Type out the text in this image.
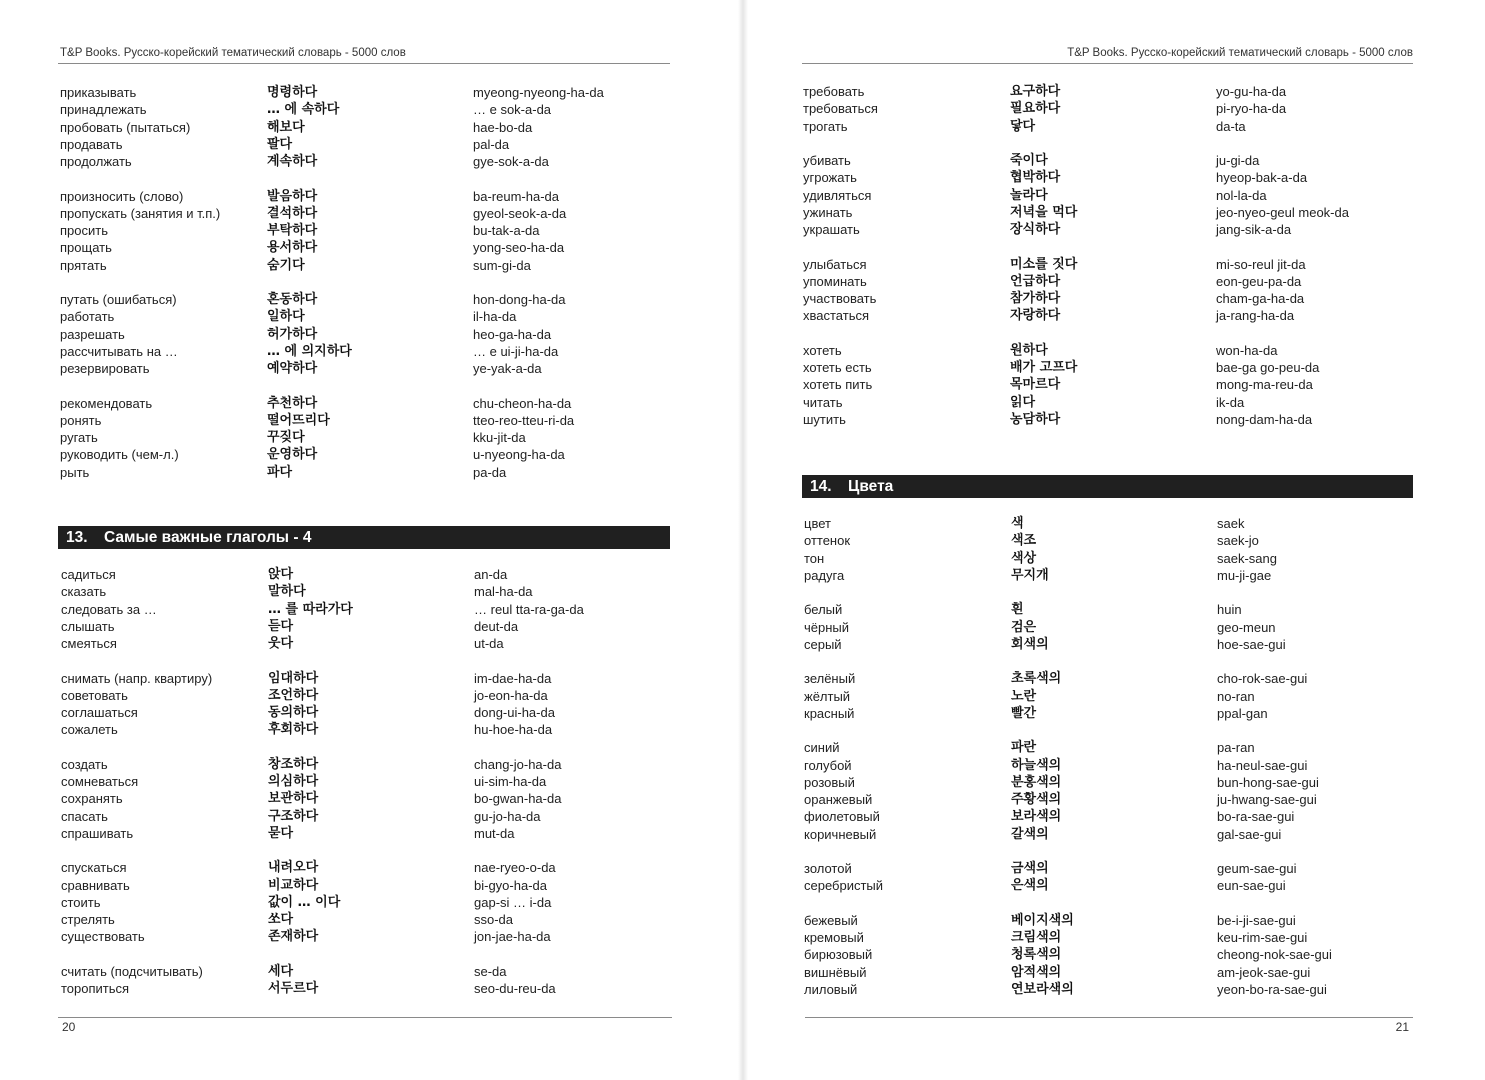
T&P Books. Русско-корейский тематический словарь - 5000 слов
приказывать	명령하다	myeong-nyeong-ha-da
принадлежать	… 에 속하다	… e sok-a-da
пробовать (пытаться)	해보다	hae-bo-da
продавать	팔다	pal-da
продолжать	계속하다	gye-sok-a-da
произносить (слово)	발음하다	ba-reum-ha-da
пропускать (занятия и т.п.)	결석하다	gyeol-seok-a-da
просить	부탁하다	bu-tak-a-da
прощать	용서하다	yong-seo-ha-da
прятать	숨기다	sum-gi-da
путать (ошибаться)	혼동하다	hon-dong-ha-da
работать	일하다	il-ha-da
разрешать	허가하다	heo-ga-ha-da
рассчитывать на …	… 에 의지하다	… e ui-ji-ha-da
резервировать	예약하다	ye-yak-a-da
рекомендовать	추천하다	chu-cheon-ha-da
ронять	떨어뜨리다	tteo-reo-tteu-ri-da
ругать	꾸짖다	kku-jit-da
руководить (чем-л.)	운영하다	u-nyeong-ha-da
рыть	파다	pa-da
13. Самые важные глаголы - 4
садиться	앉다	an-da
сказать	말하다	mal-ha-da
следовать за …	… 를 따라가다	… reul tta-ra-ga-da
слышать	듣다	deut-da
смеяться	웃다	ut-da
снимать (напр. квартиру)	임대하다	im-dae-ha-da
советовать	조언하다	jo-eon-ha-da
соглашаться	동의하다	dong-ui-ha-da
сожалеть	후회하다	hu-hoe-ha-da
создать	창조하다	chang-jo-ha-da
сомневаться	의심하다	ui-sim-ha-da
сохранять	보관하다	bo-gwan-ha-da
спасать	구조하다	gu-jo-ha-da
спрашивать	묻다	mut-da
спускаться	내려오다	nae-ryeo-o-da
сравнивать	비교하다	bi-gyo-ha-da
стоить	값이 … 이다	gap-si … i-da
стрелять	쏘다	sso-da
существовать	존재하다	jon-jae-ha-da
считать (подсчитывать)	세다	se-da
торопиться	서두르다	seo-du-reu-da
20
T&P Books. Русско-корейский тематический словарь - 5000 слов
требовать	요구하다	yo-gu-ha-da
требоваться	필요하다	pi-ryo-ha-da
трогать	닿다	da-ta
убивать	죽이다	ju-gi-da
угрожать	협박하다	hyeop-bak-a-da
удивляться	놀라다	nol-la-da
ужинать	저녁을 먹다	jeo-nyeo-geul meok-da
украшать	장식하다	jang-sik-a-da
улыбаться	미소를 짓다	mi-so-reul jit-da
упоминать	언급하다	eon-geu-pa-da
участвовать	참가하다	cham-ga-ha-da
хвастаться	자랑하다	ja-rang-ha-da
хотеть	원하다	won-ha-da
хотеть есть	배가 고프다	bae-ga go-peu-da
хотеть пить	목마르다	mong-ma-reu-da
читать	읽다	ik-da
шутить	농담하다	nong-dam-ha-da
14. Цвета
цвет	색	saek
оттенок	색조	saek-jo
тон	색상	saek-sang
радуга	무지개	mu-ji-gae
белый	흰	huin
чёрный	검은	geo-meun
серый	회색의	hoe-sae-gui
зелёный	초록색의	cho-rok-sae-gui
жёлтый	노란	no-ran
красный	빨간	ppal-gan
синий	파란	pa-ran
голубой	하늘색의	ha-neul-sae-gui
розовый	분홍색의	bun-hong-sae-gui
оранжевый	주황색의	ju-hwang-sae-gui
фиолетовый	보라색의	bo-ra-sae-gui
коричневый	갈색의	gal-sae-gui
золотой	금색의	geum-sae-gui
серебристый	은색의	eun-sae-gui
бежевый	베이지색의	be-i-ji-sae-gui
кремовый	크림색의	keu-rim-sae-gui
бирюзовый	청록색의	cheong-nok-sae-gui
вишнёвый	암적색의	am-jeok-sae-gui
лиловый	연보라색의	yeon-bo-ra-sae-gui
21
